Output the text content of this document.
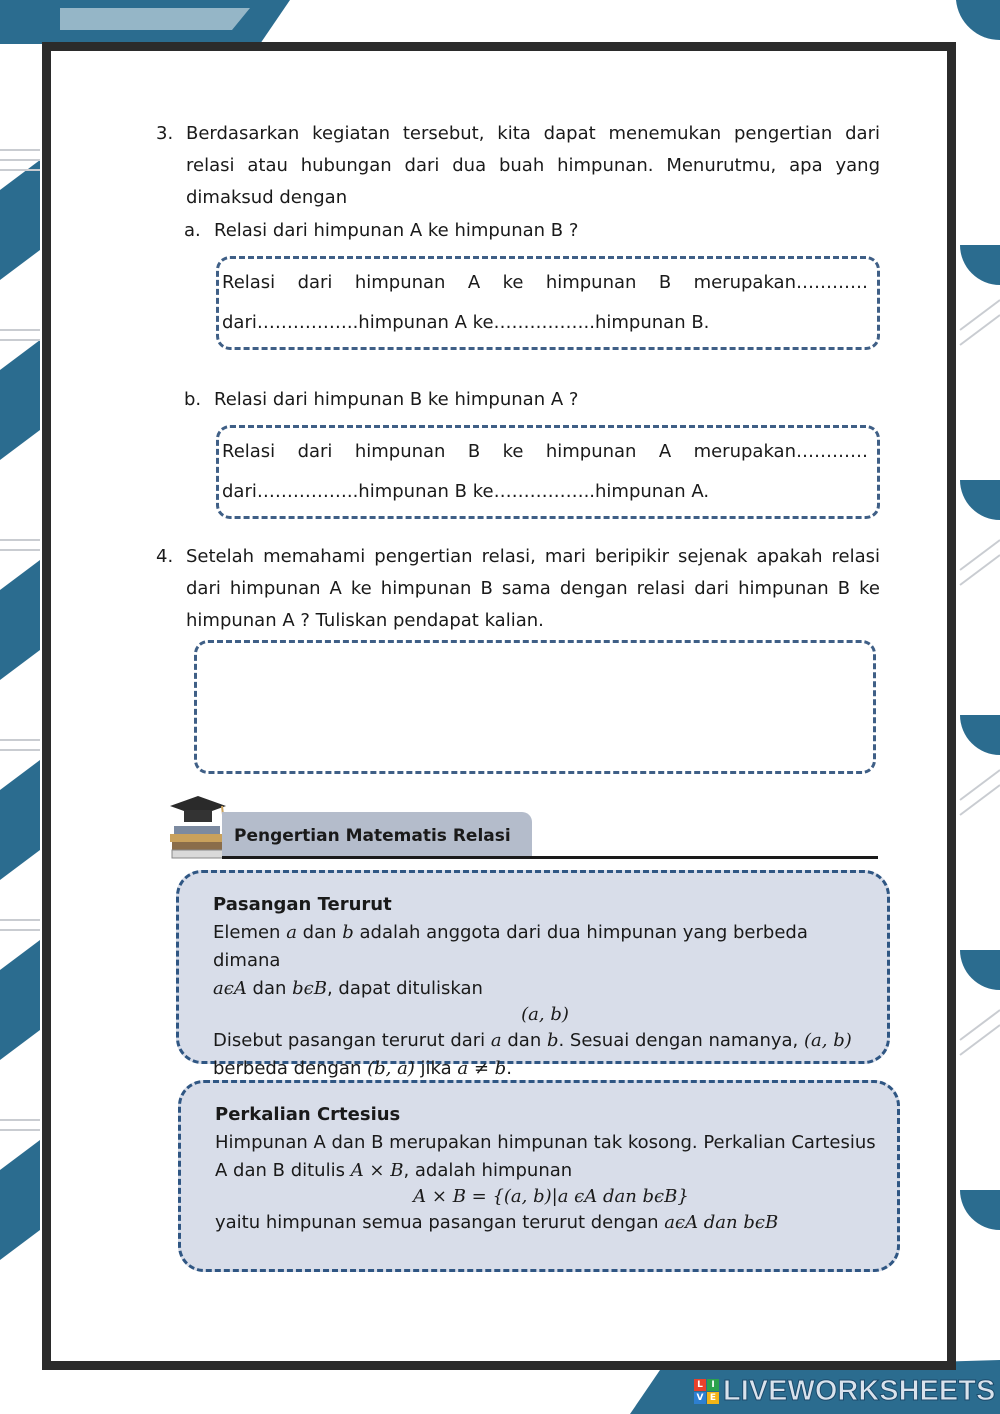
3. Berdasarkan kegiatan tersebut, kita dapat menemukan pengertian dari relasi atau hubungan dari dua buah himpunan. Menurutmu, apa yang dimaksud dengan
a. Relasi dari himpunan A ke himpunan B ?
Relasi dari himpunan A ke himpunan B merupakan…………
dari……………..himpunan A ke……………..himpunan B.
b. Relasi dari himpunan B ke himpunan A ?
Relasi dari himpunan B ke himpunan A merupakan…………
dari……………..himpunan B ke……………..himpunan A.
4. Setelah memahami pengertian relasi, mari beripikir sejenak apakah relasi dari himpunan A ke himpunan B sama dengan relasi dari himpunan B ke himpunan A ? Tuliskan pendapat kalian.
Pengertian Matematis Relasi
Pasangan Terurut
Elemen a dan b adalah anggota dari dua himpunan yang berbeda dimana
aϵA dan bϵB, dapat dituliskan
(a, b)
Disebut pasangan terurut dari a dan b. Sesuai dengan namanya, (a, b)
berbeda dengan (b, a) jika a ≠ b.
Perkalian Crtesius
Himpunan A dan B merupakan himpunan tak kosong. Perkalian Cartesius
A dan B ditulis A × B, adalah himpunan
A × B = {(a, b)|a ϵA dan bϵB}
yaitu himpunan semua pasangan terurut dengan aϵA dan bϵB
L I
V E LIVEWORKSHEETS
